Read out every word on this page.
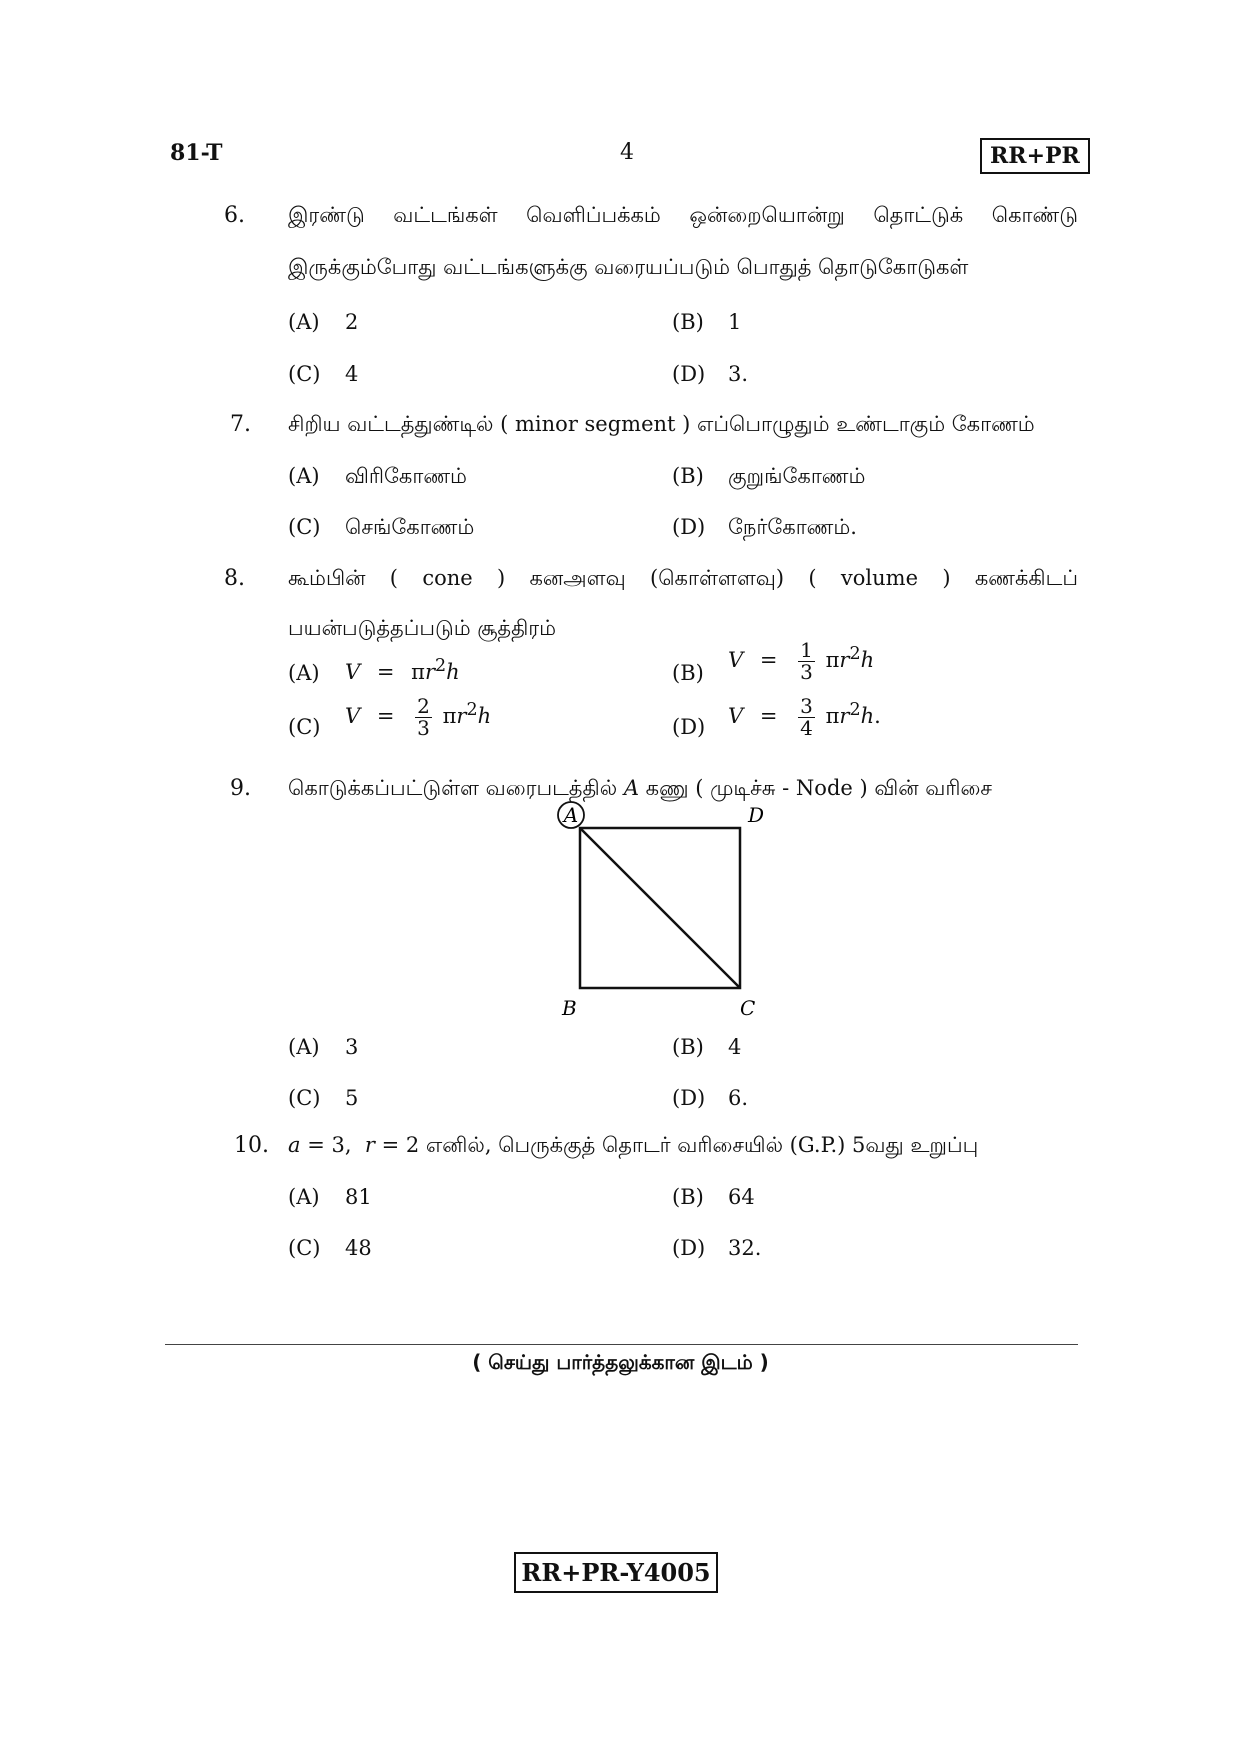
81-T	4	RR+PR
6. இரண்டு வட்டங்கள் வெளிப்பக்கம் ஒன்றையொன்று தொட்டுக் கொண்டு
இருக்கும்போது வட்டங்களுக்கு வரையப்படும் பொதுத் தொடுகோடுகள்
(A) 2	(B) 1
(C) 4	(D) 3.
7. சிறிய வட்டத்துண்டில் ( minor segment ) எப்பொழுதும் உண்டாகும் கோணம்
(A) விரிகோணம்	(B) குறுங்கோணம்
(C) செங்கோணம்	(D) நேர்கோணம்.
8. கூம்பின் ( cone ) கனஅளவு (கொள்ளளவு) ( volume ) கணக்கிடப்
பயன்படுத்தப்படும் சூத்திரம்
(A) $V = \pi r^2h$	(B)
$V = \frac{1}{3} \pi r^2h$
(C) $V = \frac{2}{3} \pi r^2h$	(D) $V = \frac{3}{4} \pi r^2h$.
9. கொடுக்கப்பட்டுள்ள வரைபடத்தில் A கணு ( முடிச்சு - Node ) வின் வரிசை
A	D
B	C
(A) 3	(B) 4
(C) 5	(D) 6.
10. a = 3, r = 2 எனில், பெருக்குத் தொடர் வரிசையில் (G.P.) 5வது உறுப்பு
(A) 81	(B) 64
(C) 48	(D) 32.
( செய்து பார்த்தலுக்கான இடம் )
RR+PR-Y4005
